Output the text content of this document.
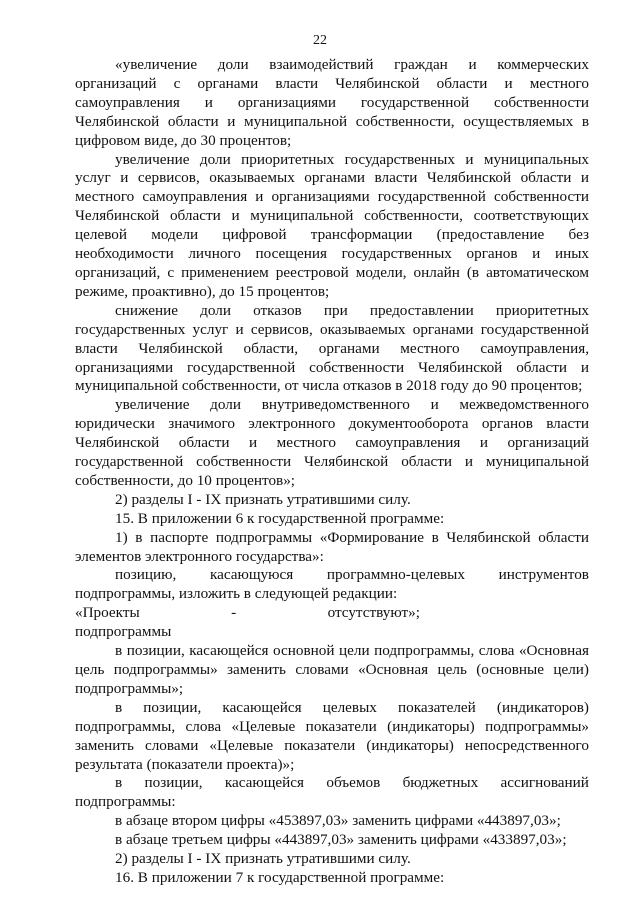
22

«увеличение доли взаимодействий граждан и коммерческих организаций с органами власти Челябинской области и местного самоуправления и организациями государственной собственности Челябинской области и муниципальной собственности, осуществляемых в цифровом виде, до 30 процентов;

увеличение доли приоритетных государственных и муниципальных услуг и сервисов, оказываемых органами власти Челябинской области и местного самоуправления и организациями государственной собственности Челябинской области и муниципальной собственности, соответствующих целевой модели цифровой трансформации (предоставление без необходимости личного посещения государственных органов и иных организаций, с применением реестровой модели, онлайн (в автоматическом режиме, проактивно), до 15 процентов;

снижение доли отказов при предоставлении приоритетных государственных услуг и сервисов, оказываемых органами государственной власти Челябинской области, органами местного самоуправления, организациями государственной собственности Челябинской области и муниципальной собственности, от числа отказов в 2018 году до 90 процентов;

увеличение доли внутриведомственного и межведомственного юридически значимого электронного документооборота органов власти Челябинской области и местного самоуправления и организаций государственной собственности Челябинской области и муниципальной собственности, до 10 процентов»;

2) разделы I - IX признать утратившими силу.

15. В приложении 6 к государственной программе:

1) в паспорте подпрограммы «Формирование в Челябинской области элементов электронного государства»:

позицию, касающуюся программно-целевых инструментов

подпрограммы, изложить в следующей редакции:

«Проекты	-	отсутствуют»;

подпрограммы

в позиции, касающейся основной цели подпрограммы, слова «Основная цель подпрограммы» заменить словами «Основная цель (основные цели) подпрограммы»;

в позиции, касающейся целевых показателей (индикаторов) подпрограммы, слова «Целевые показатели (индикаторы) подпрограммы» заменить словами «Целевые показатели (индикаторы) непосредственного результата (показатели проекта)»;

в позиции, касающейся объемов бюджетных ассигнований

подпрограммы:

в абзаце втором цифры «453897,03» заменить цифрами «443897,03»;

в абзаце третьем цифры «443897,03» заменить цифрами «433897,03»;

2) разделы I - IX признать утратившими силу.

16. В приложении 7 к государственной программе:
